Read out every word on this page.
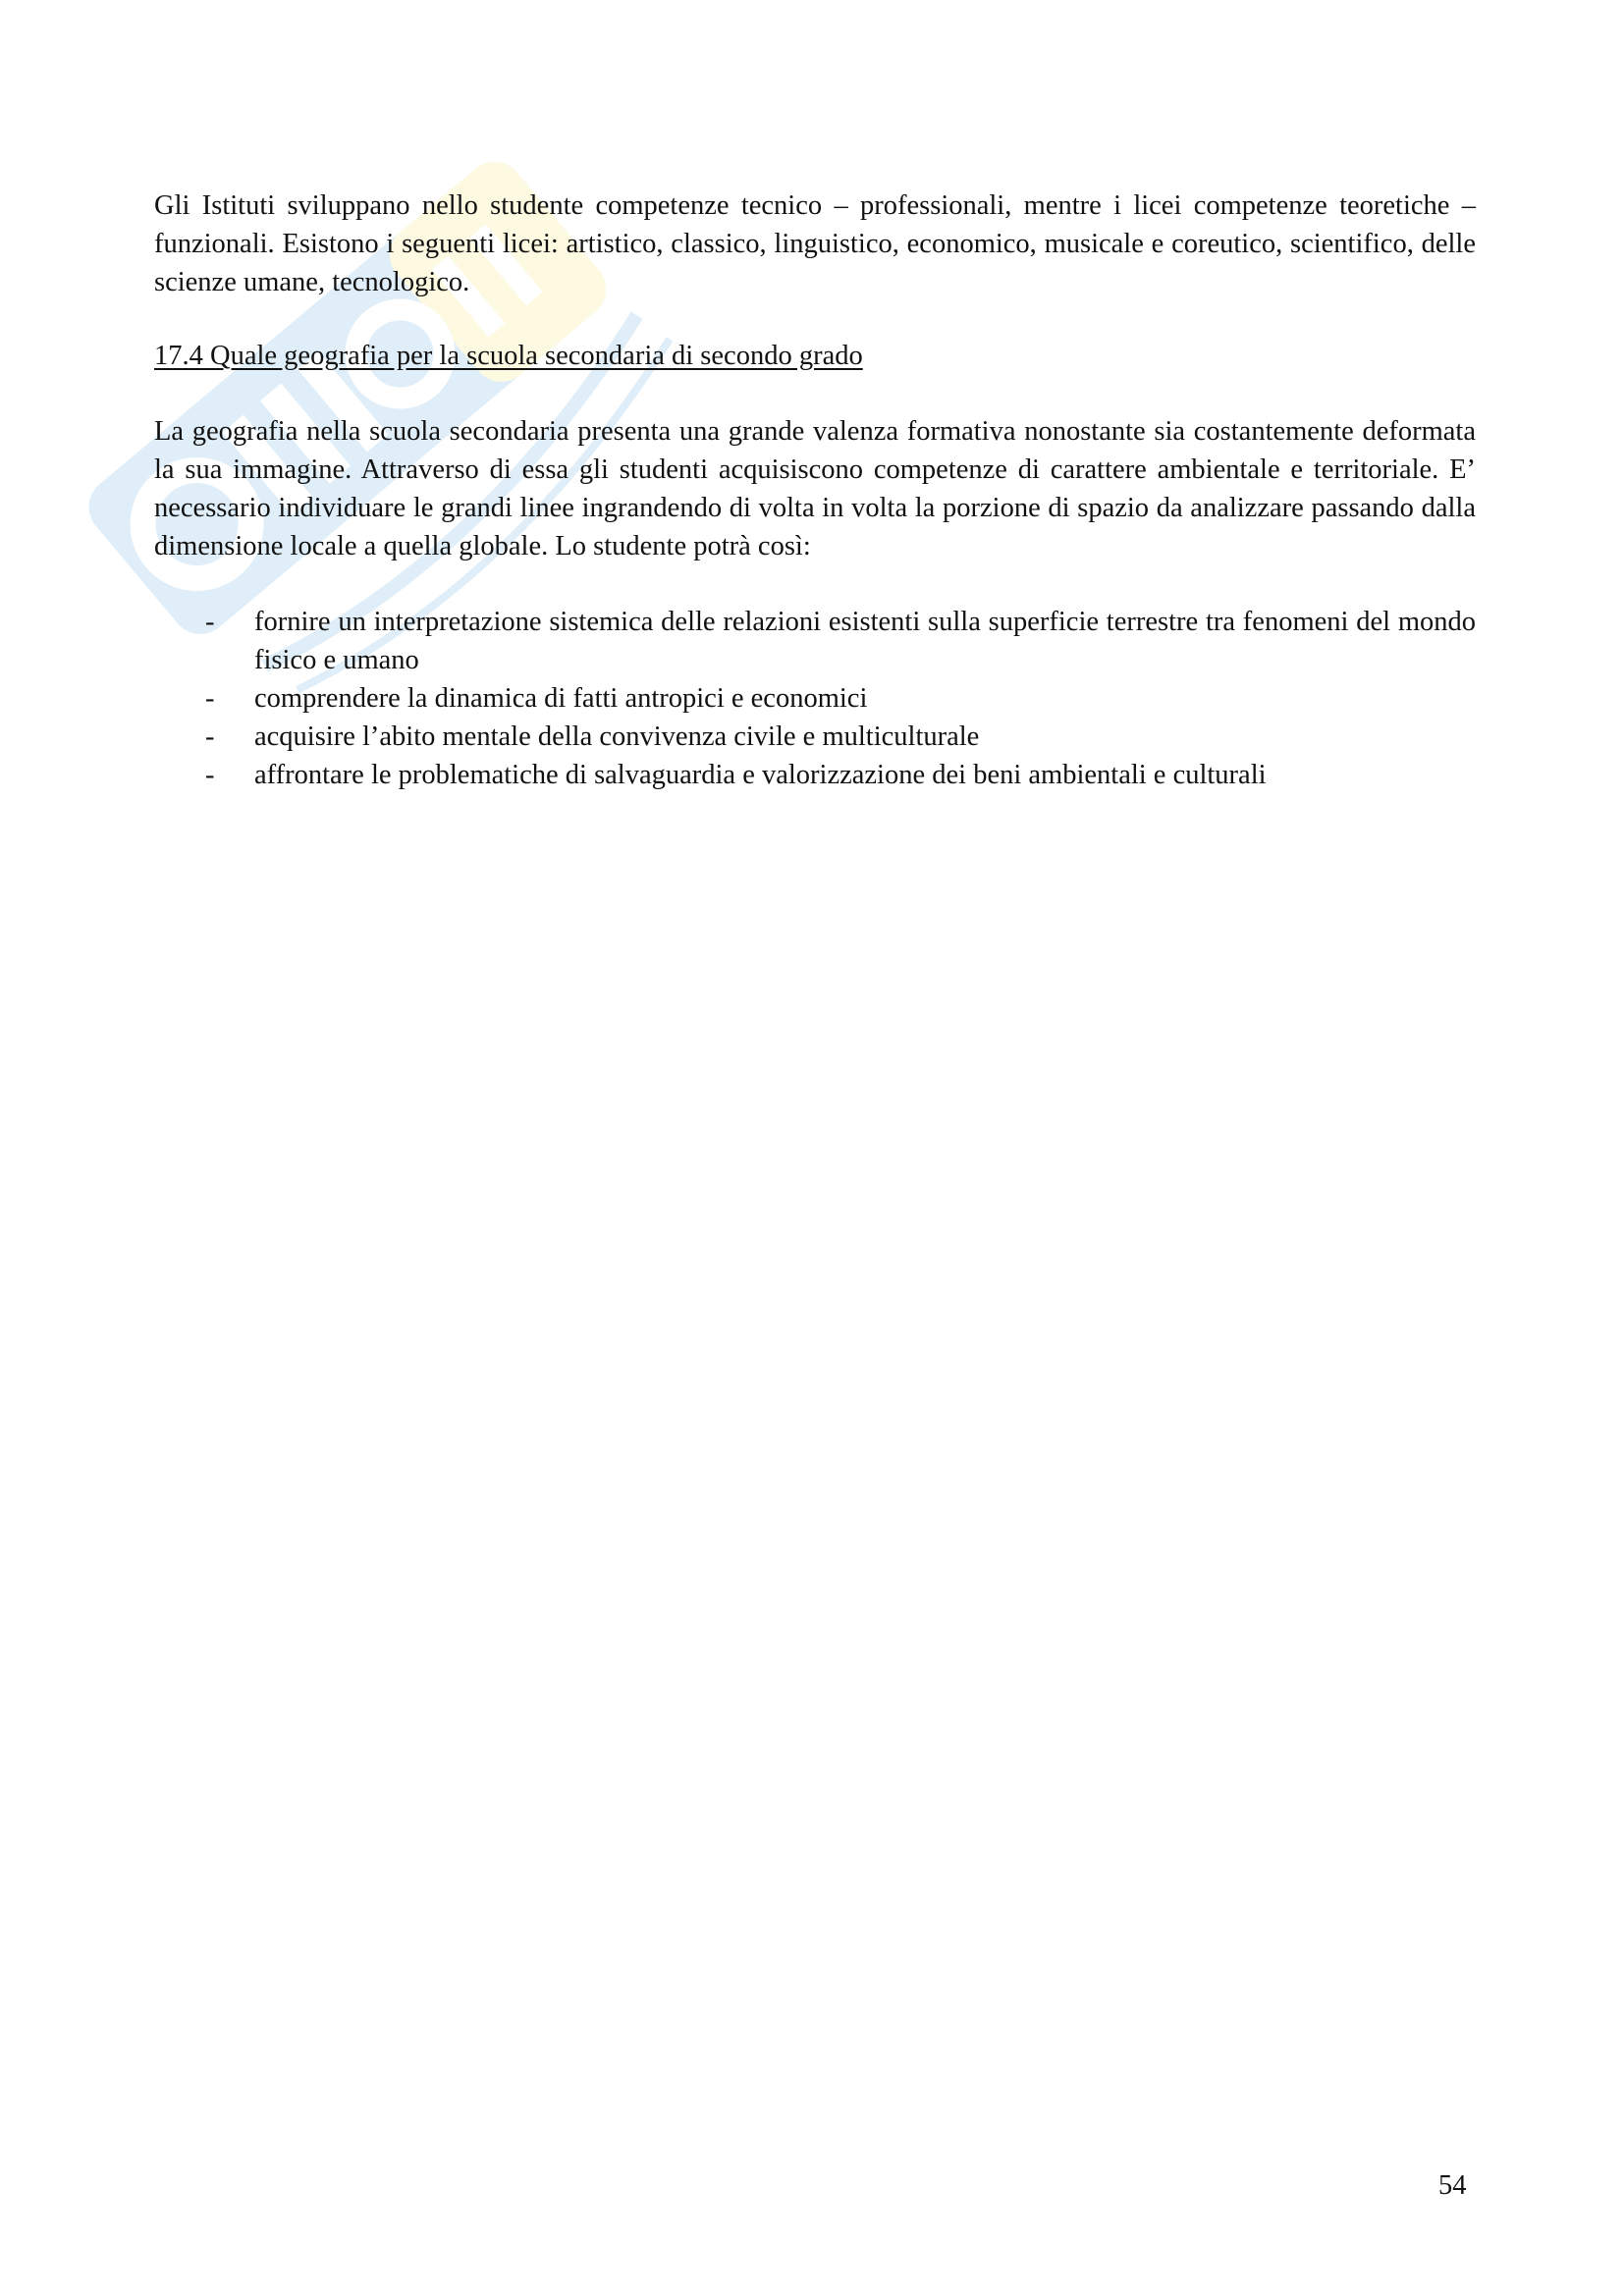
Gli Istituti sviluppano nello studente competenze tecnico – professionali, mentre i licei competenze teoretiche – funzionali. Esistono i seguenti licei: artistico, classico, linguistico, economico, musicale e coreutico, scientifico, delle scienze umane, tecnologico.

17.4 Quale geografia per la scuola secondaria di secondo grado

La geografia nella scuola secondaria presenta una grande valenza formativa nonostante sia costantemente deformata la sua immagine. Attraverso di essa gli studenti acquisiscono competenze di carattere ambientale e territoriale. E’ necessario individuare le grandi linee ingrandendo di volta in volta la porzione di spazio da analizzare passando dalla dimensione locale a quella globale. Lo studente potrà così:

- fornire un interpretazione sistemica delle relazioni esistenti sulla superficie terrestre tra fenomeni del mondo fisico e umano
- comprendere la dinamica di fatti antropici e economici
- acquisire l’abito mentale della convivenza civile e multiculturale
- affrontare le problematiche di salvaguardia e valorizzazione dei beni ambientali e culturali
54
